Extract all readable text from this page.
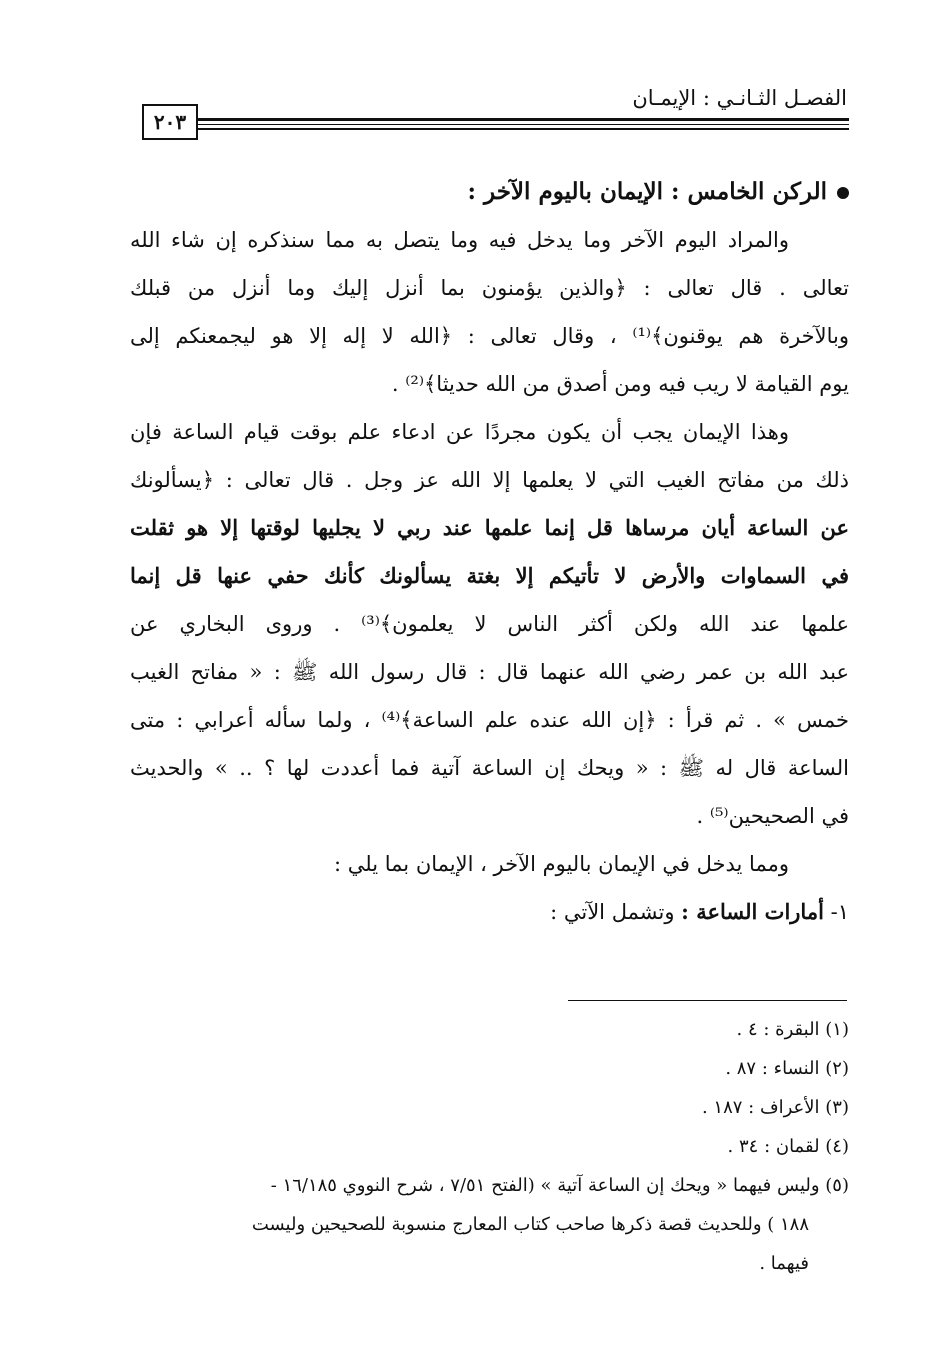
الفصـل الثـانـي : الإيمـان
٢٠٣
الركن الخامس : الإيمان باليوم الآخر :
والمراد اليوم الآخر وما يدخل فيه وما يتصل به مما سنذكره إن شاء الله
تعالى . قال تعالى : ﴿والذين يؤمنون بما أنزل إليك وما أنزل من قبلك
وبالآخرة هم يوقنون﴾⁽¹⁾ ، وقال تعالى : ﴿الله لا إله إلا هو ليجمعنكم إلى
يوم القيامة لا ريب فيه ومن أصدق من الله حديثا﴾⁽²⁾ .
وهذا الإيمان يجب أن يكون مجردًا عن ادعاء علم بوقت قيام الساعة فإن
ذلك من مفاتح الغيب التي لا يعلمها إلا الله عز وجل . قال تعالى : ﴿يسألونك
عن الساعة أيان مرساها قل إنما علمها عند ربي لا يجليها لوقتها إلا هو ثقلت
في السماوات والأرض لا تأتيكم إلا بغتة يسألونك كأنك حفي عنها قل إنما
علمها عند الله ولكن أكثر الناس لا يعلمون﴾⁽³⁾ . وروى البخاري عن
عبد الله بن عمر رضي الله عنهما قال : قال رسول الله ﷺ : « مفاتح الغيب
خمس » . ثم قرأ : ﴿إن الله عنده علم الساعة﴾⁽⁴⁾ ، ولما سأله أعرابي : متى
الساعة قال له ﷺ : « ويحك إن الساعة آتية فما أعددت لها ؟ .. » والحديث
في الصحيحين⁽⁵⁾ .
ومما يدخل في الإيمان باليوم الآخر ، الإيمان بما يلي :
١- أمارات الساعة : وتشمل الآتي :
(١) البقرة : ٤ .
(٢) النساء : ٨٧ .
(٣) الأعراف : ١٨٧ .
(٤) لقمان : ٣٤ .
(٥) وليس فيهما « ويحك إن الساعة آتية » (الفتح ٧/٥١ ، شرح النووي ١٦/١٨٥ -
١٨٨ ) وللحديث قصة ذكرها صاحب كتاب المعارج منسوبة للصحيحين وليست
فيهما .
